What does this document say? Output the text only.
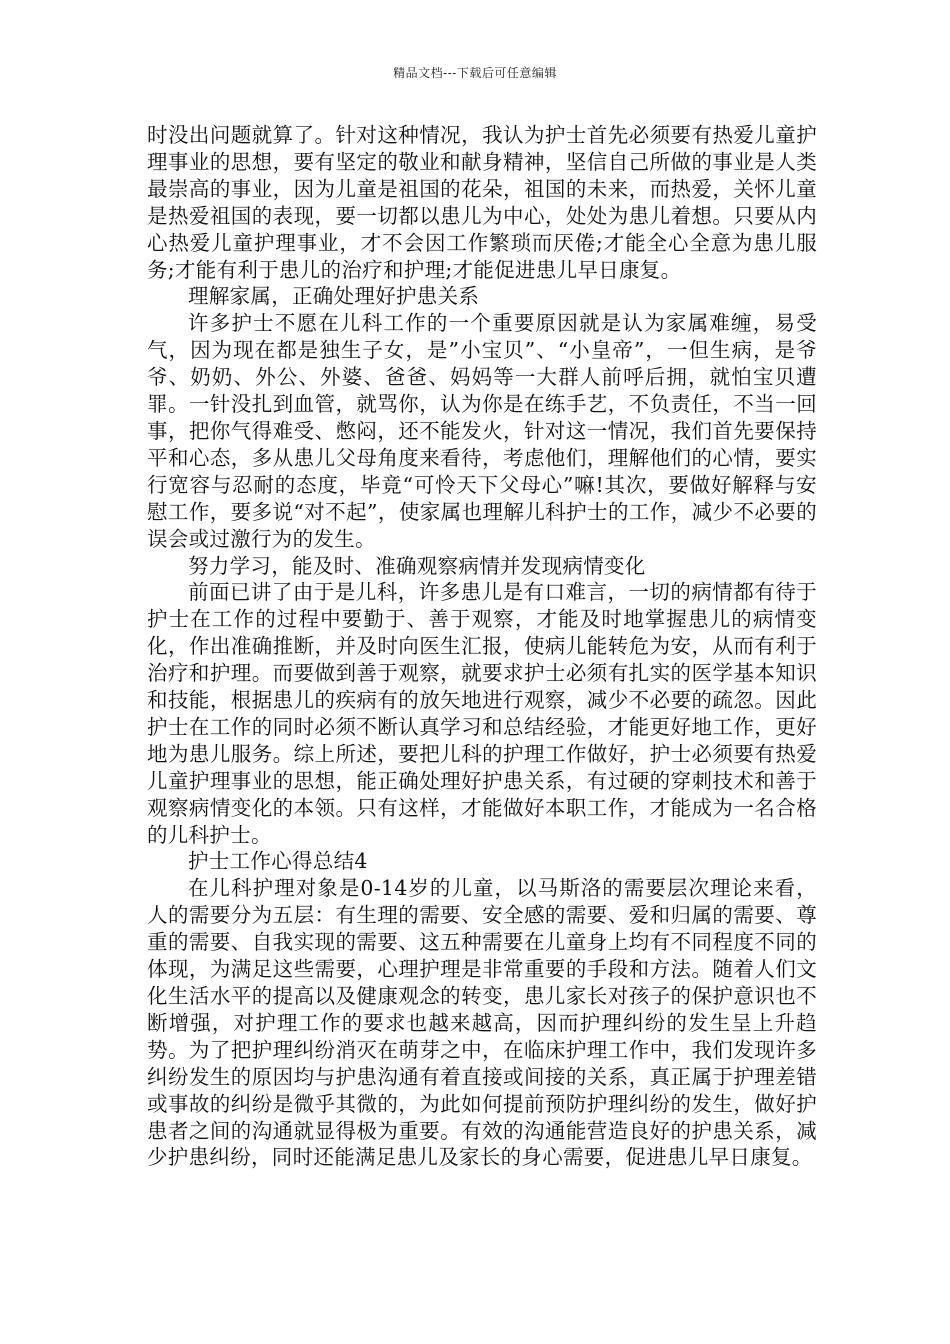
精品文档---下载后可任意编辑

时没出问题就算了。针对这种情况，我认为护士首先必须要有热爱儿童护理事业的思想，要有坚定的敬业和献身精神，坚信自己所做的事业是人类最崇高的事业，因为儿童是祖国的花朵，祖国的未来，而热爱，关怀儿童是热爱祖国的表现，要一切都以患儿为中心，处处为患儿着想。只要从内心热爱儿童护理事业，才不会因工作繁琐而厌倦;才能全心全意为患儿服务;才能有利于患儿的治疗和护理;才能促进患儿早日康复。

理解家属，正确处理好护患关系

许多护士不愿在儿科工作的一个重要原因就是认为家属难缠，易受气，因为现在都是独生子女，是”小宝贝”、“小皇帝”，一但生病，是爷爷、奶奶、外公、外婆、爸爸、妈妈等一大群人前呼后拥，就怕宝贝遭罪。一针没扎到血管，就骂你，认为你是在练手艺，不负责任，不当一回事，把你气得难受、憋闷，还不能发火，针对这一情况，我们首先要保持平和心态，多从患儿父母角度来看待，考虑他们，理解他们的心情，要实行宽容与忍耐的态度，毕竟“可怜天下父母心”嘛!其次，要做好解释与安慰工作，要多说“对不起”，使家属也理解儿科护士的工作，减少不必要的误会或过激行为的发生。

努力学习，能及时、准确观察病情并发现病情变化

前面已讲了由于是儿科，许多患儿是有口难言，一切的病情都有待于护士在工作的过程中要勤于、善于观察，才能及时地掌握患儿的病情变化，作出准确推断，并及时向医生汇报，使病儿能转危为安，从而有利于治疗和护理。而要做到善于观察，就要求护士必须有扎实的医学基本知识和技能，根据患儿的疾病有的放矢地进行观察，减少不必要的疏忽。因此护士在工作的同时必须不断认真学习和总结经验，才能更好地工作，更好地为患儿服务。综上所述，要把儿科的护理工作做好，护士必须要有热爱儿童护理事业的思想，能正确处理好护患关系，有过硬的穿刺技术和善于观察病情变化的本领。只有这样，才能做好本职工作，才能成为一名合格的儿科护士。

护士工作心得总结4

在儿科护理对象是0-14岁的儿童，以马斯洛的需要层次理论来看，人的需要分为五层：有生理的需要、安全感的需要、爱和归属的需要、尊重的需要、自我实现的需要、这五种需要在儿童身上均有不同程度不同的体现，为满足这些需要，心理护理是非常重要的手段和方法。随着人们文化生活水平的提高以及健康观念的转变，患儿家长对孩子的保护意识也不断增强，对护理工作的要求也越来越高，因而护理纠纷的发生呈上升趋势。为了把护理纠纷消灭在萌芽之中，在临床护理工作中，我们发现许多纠纷发生的原因均与护患沟通有着直接或间接的关系，真正属于护理差错或事故的纠纷是微乎其微的，为此如何提前预防护理纠纷的发生，做好护患者之间的沟通就显得极为重要。有效的沟通能营造良好的护患关系，减少护患纠纷，同时还能满足患儿及家长的身心需要，促进患儿早日康复。
